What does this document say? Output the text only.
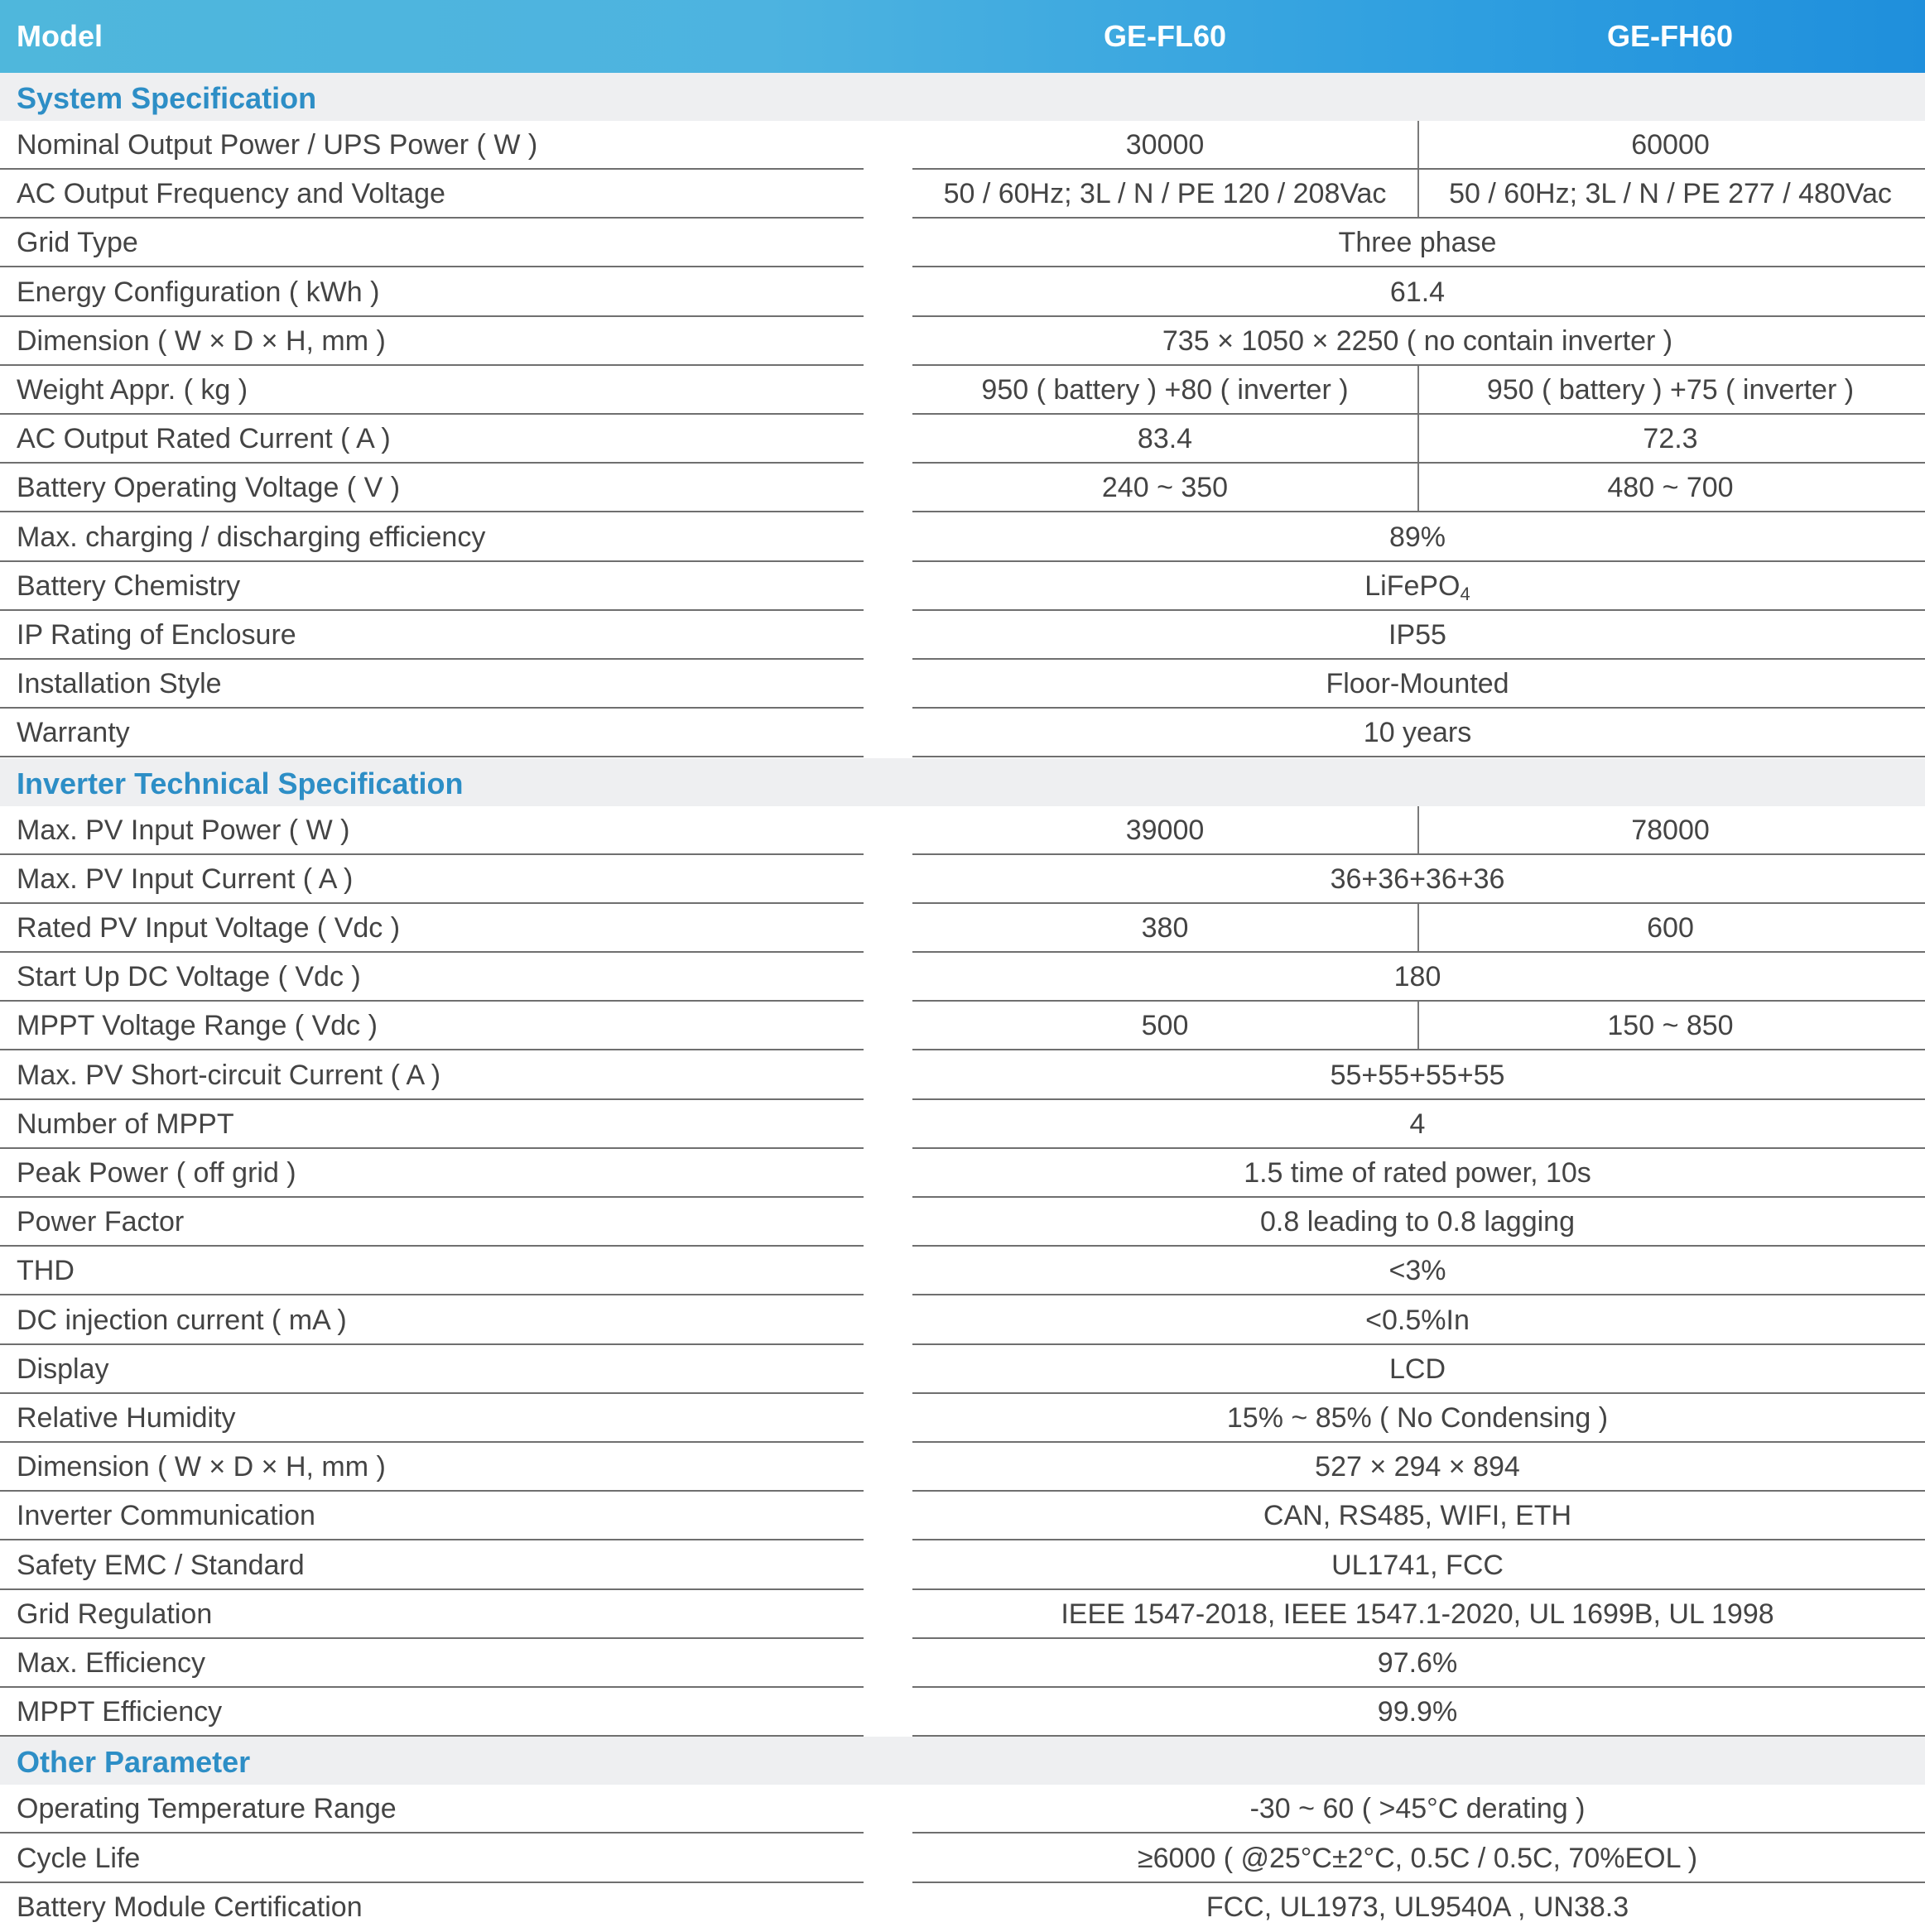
Model	GE-FL60	GE-FH60
System Specification
Nominal Output Power / UPS Power ( W )	30000	60000
AC Output Frequency and Voltage	50 / 60Hz; 3L / N / PE 120 / 208Vac	50 / 60Hz; 3L / N / PE 277 / 480Vac
Grid Type	Three phase
Energy Configuration ( kWh )	61.4
Dimension ( W × D × H, mm )	735 × 1050 × 2250 ( no contain inverter )
Weight Appr. ( kg )	950 ( battery ) +80 ( inverter )	950 ( battery ) +75 ( inverter )
AC Output Rated Current ( A )	83.4	72.3
Battery Operating Voltage ( V )	240 ~ 350	480 ~ 700
Max. charging / discharging efficiency	89%
Battery Chemistry	LiFePO$_4$
IP Rating of Enclosure	IP55
Installation Style	Floor-Mounted
Warranty	10 years
Inverter Technical Specification
Max. PV Input Power ( W )	39000	78000
Max. PV Input Current ( A )	36+36+36+36
Rated PV Input Voltage ( Vdc )	380	600
Start Up DC Voltage ( Vdc )	180
MPPT Voltage Range ( Vdc )	500	150 ~ 850
Max. PV Short-circuit Current ( A )	55+55+55+55
Number of MPPT	4
Peak Power ( off grid )	1.5 time of rated power, 10s
Power Factor	0.8 leading to 0.8 lagging
THD	<3%
DC injection current ( mA )	<0.5%In
Display	LCD
Relative Humidity	15% ~ 85% ( No Condensing )
Dimension ( W × D × H, mm )	527 × 294 × 894
Inverter Communication	CAN, RS485, WIFI, ETH
Safety EMC / Standard	UL1741, FCC
Grid Regulation	IEEE 1547-2018, IEEE 1547.1-2020, UL 1699B, UL 1998
Max. Efficiency	97.6%
MPPT Efficiency	99.9%
Other Parameter
Operating Temperature Range	-30 ~ 60 ( >45°C derating )
Cycle Life	≥6000 ( @25°C±2°C, 0.5C / 0.5C, 70%EOL )
Battery Module Certification	FCC, UL1973, UL9540A , UN38.3
